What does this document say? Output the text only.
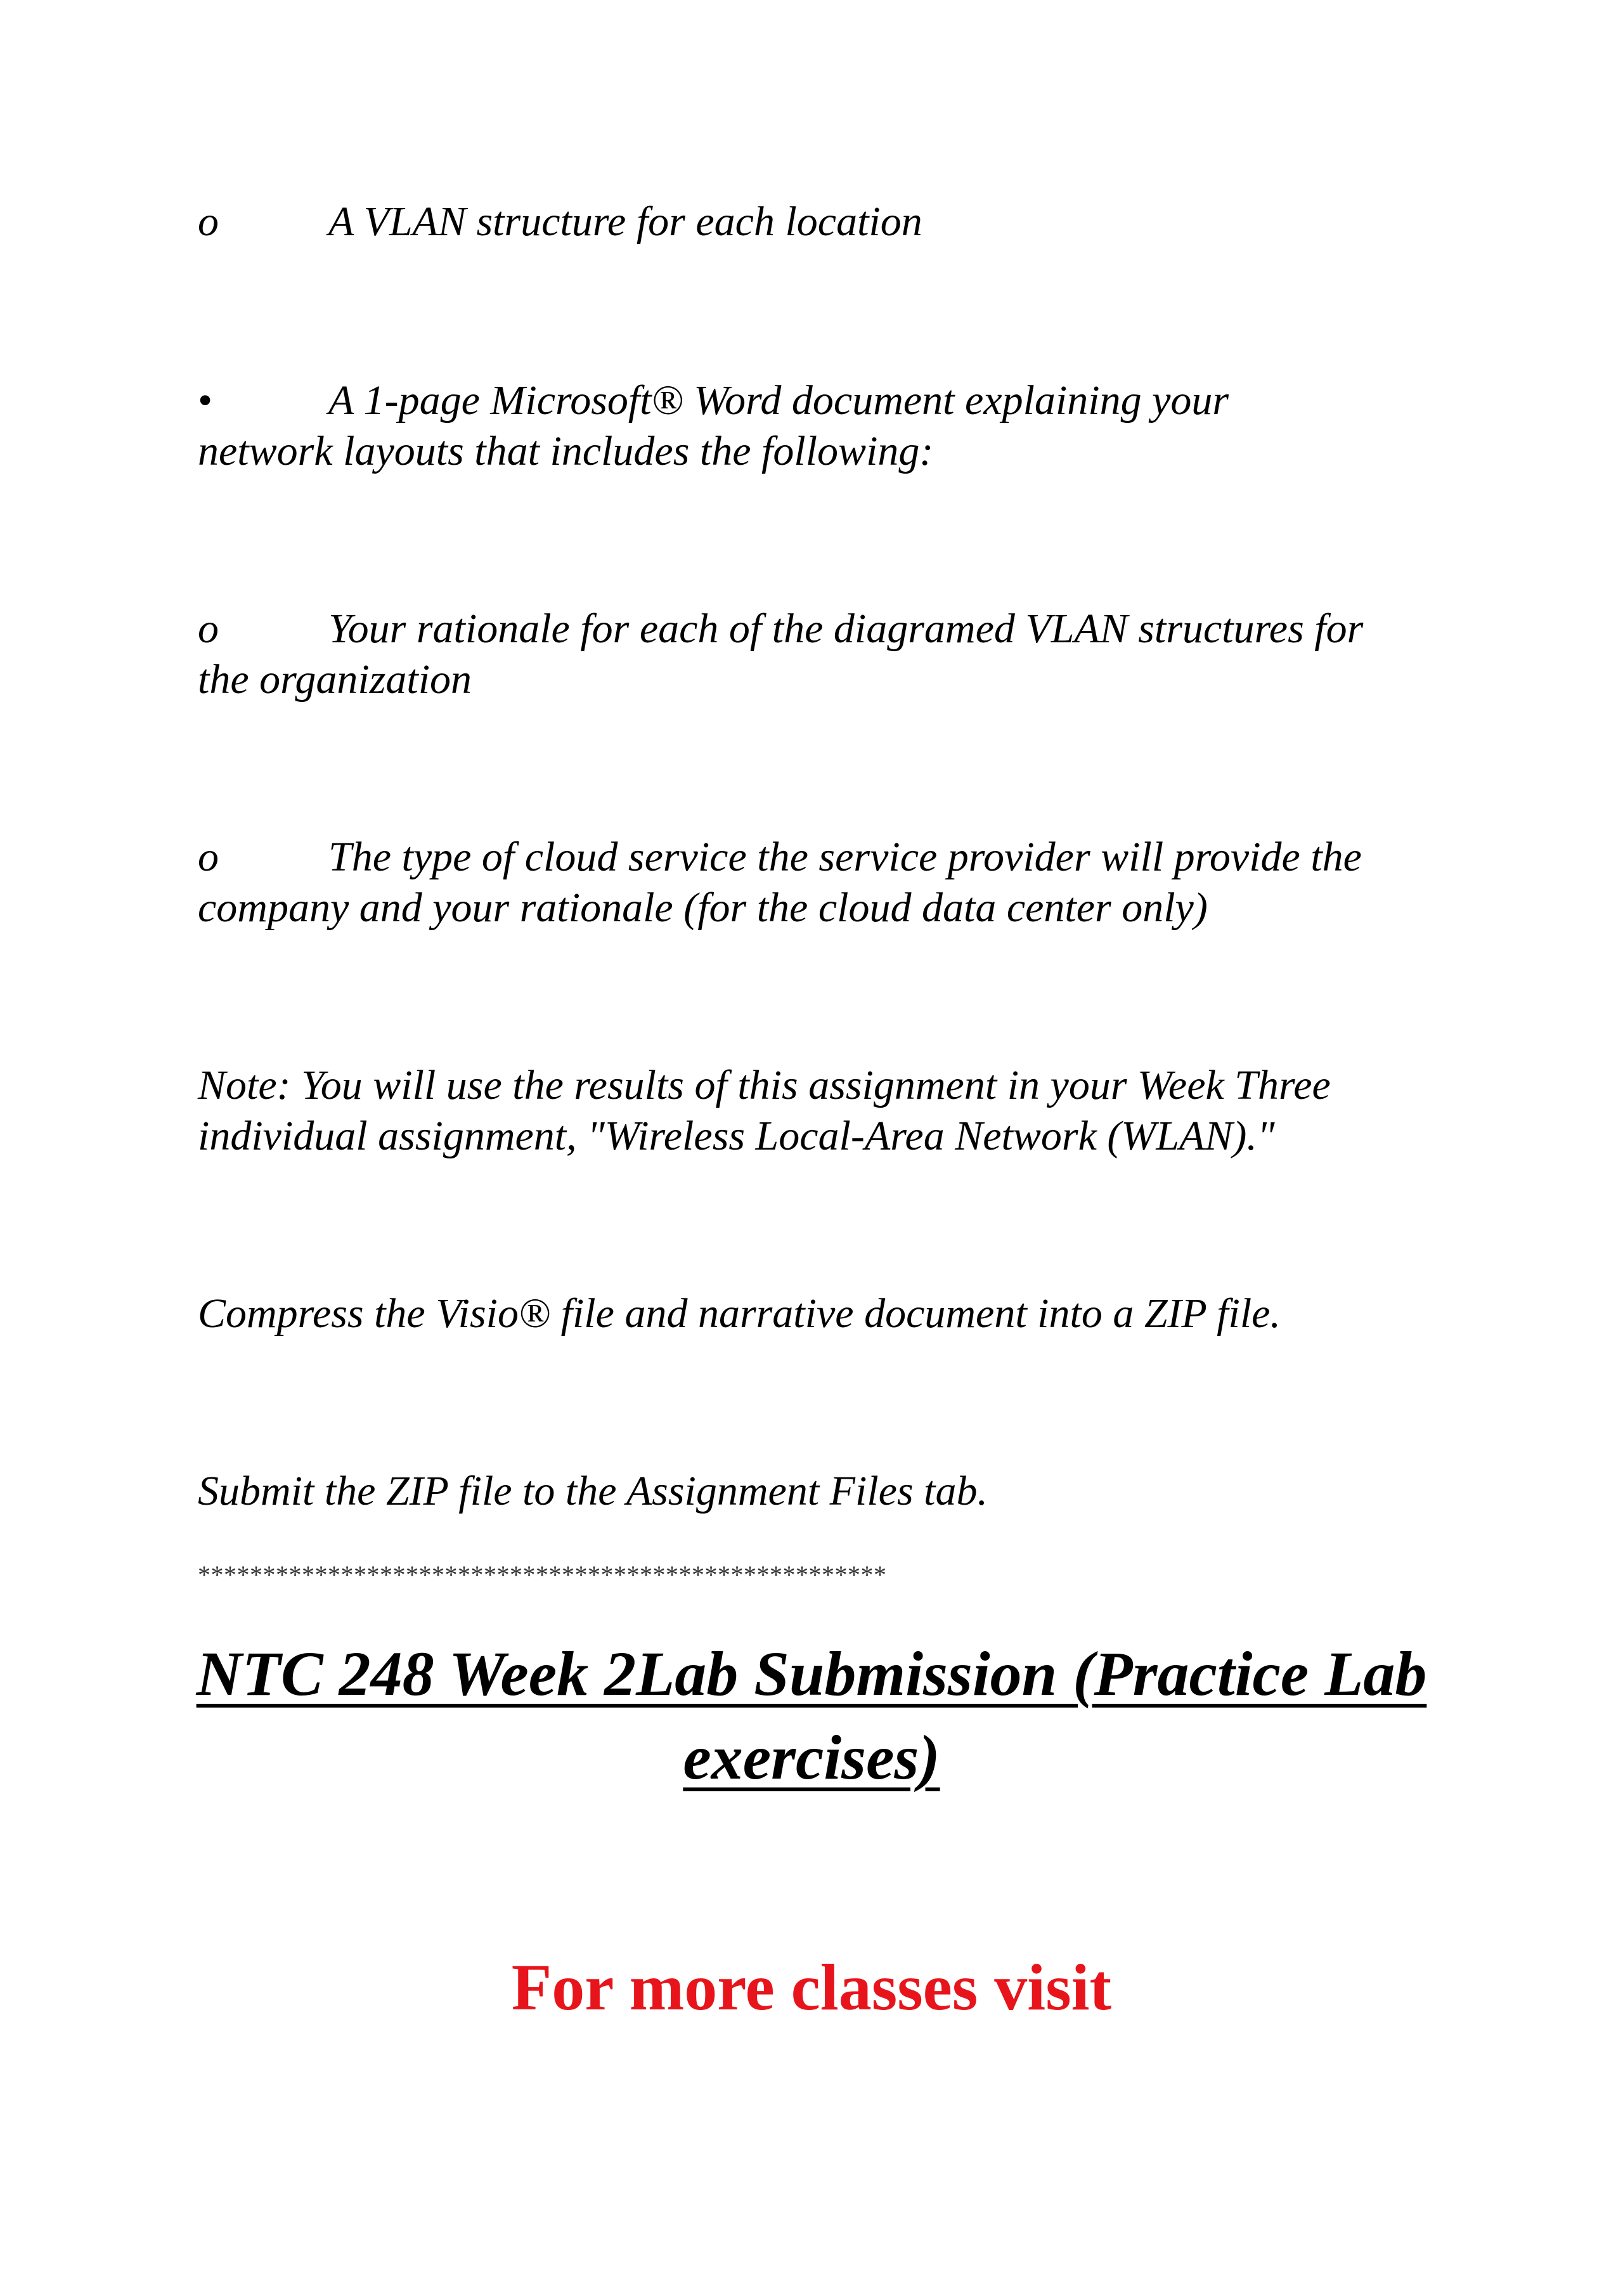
o	A VLAN structure for each location
•	A 1-page Microsoft® Word document explaining your
network layouts that includes the following:
o	Your rationale for each of the diagramed VLAN structures for
the organization
o	The type of cloud service the service provider will provide the
company and your rationale (for the cloud data center only)
Note: You will use the results of this assignment in your Week Three
individual assignment, "Wireless Local-Area Network (WLAN)."
Compress the Visio® file and narrative document into a ZIP file.
Submit the ZIP file to the Assignment Files tab.
*****************************************************
NTC 248 Week 2Lab Submission (Practice Lab
exercises)
For more classes visit
